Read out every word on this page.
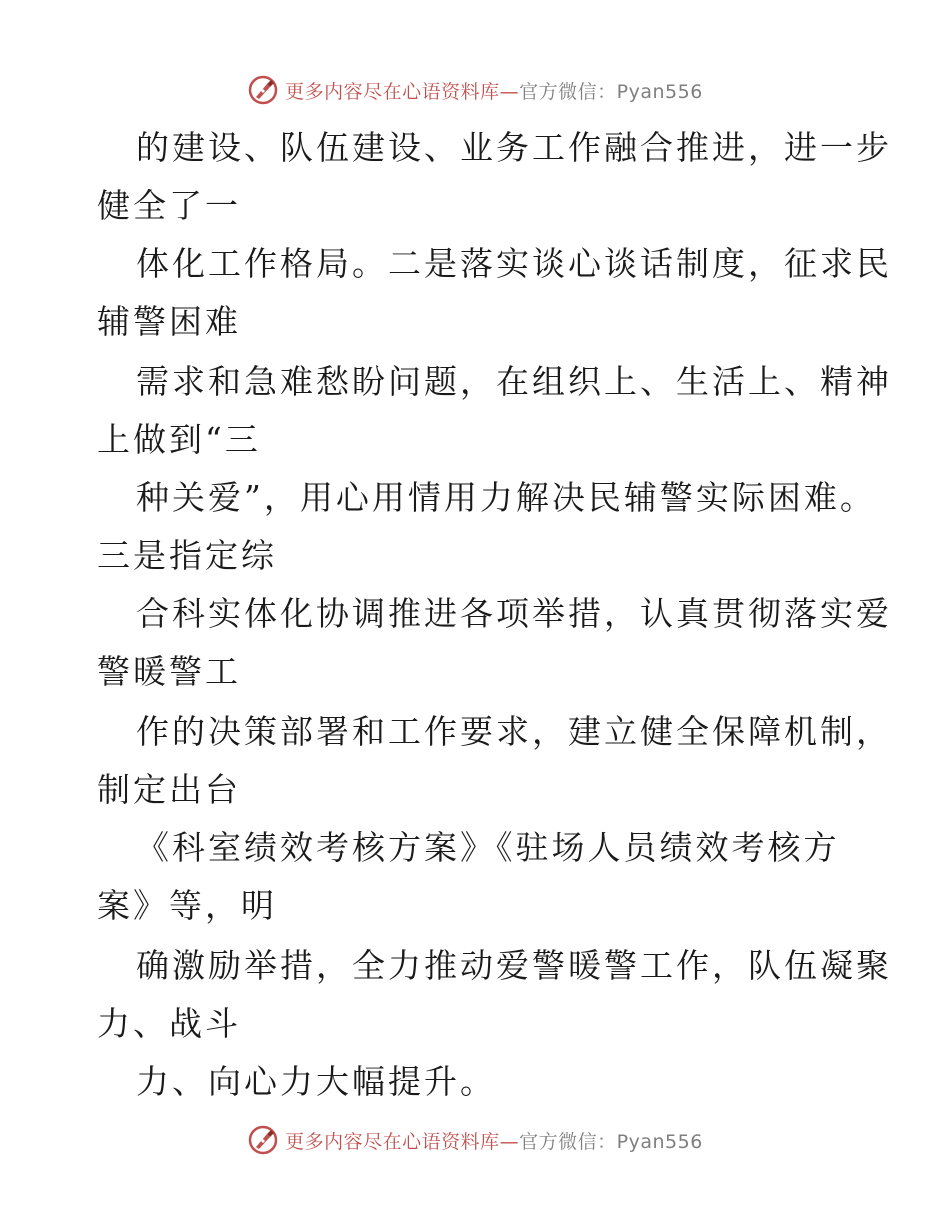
更多内容尽在心语资料库—官方微信：Pyan556
的建设、队伍建设、业务工作融合推进，进一步
健全了一
体化工作格局。二是落实谈心谈话制度，征求民
辅警困难
需求和急难愁盼问题，在组织上、生活上、精神
上做到“三
种关爱”，用心用情用力解决民辅警实际困难。
三是指定综
合科实体化协调推进各项举措，认真贯彻落实爱
警暖警工
作的决策部署和工作要求，建立健全保障机制，
制定出台
《科室绩效考核方案》《驻场人员绩效考核方
案》等，明
确激励举措，全力推动爱警暖警工作，队伍凝聚
力、战斗
力、向心力大幅提升。
更多内容尽在心语资料库—官方微信：Pyan556
